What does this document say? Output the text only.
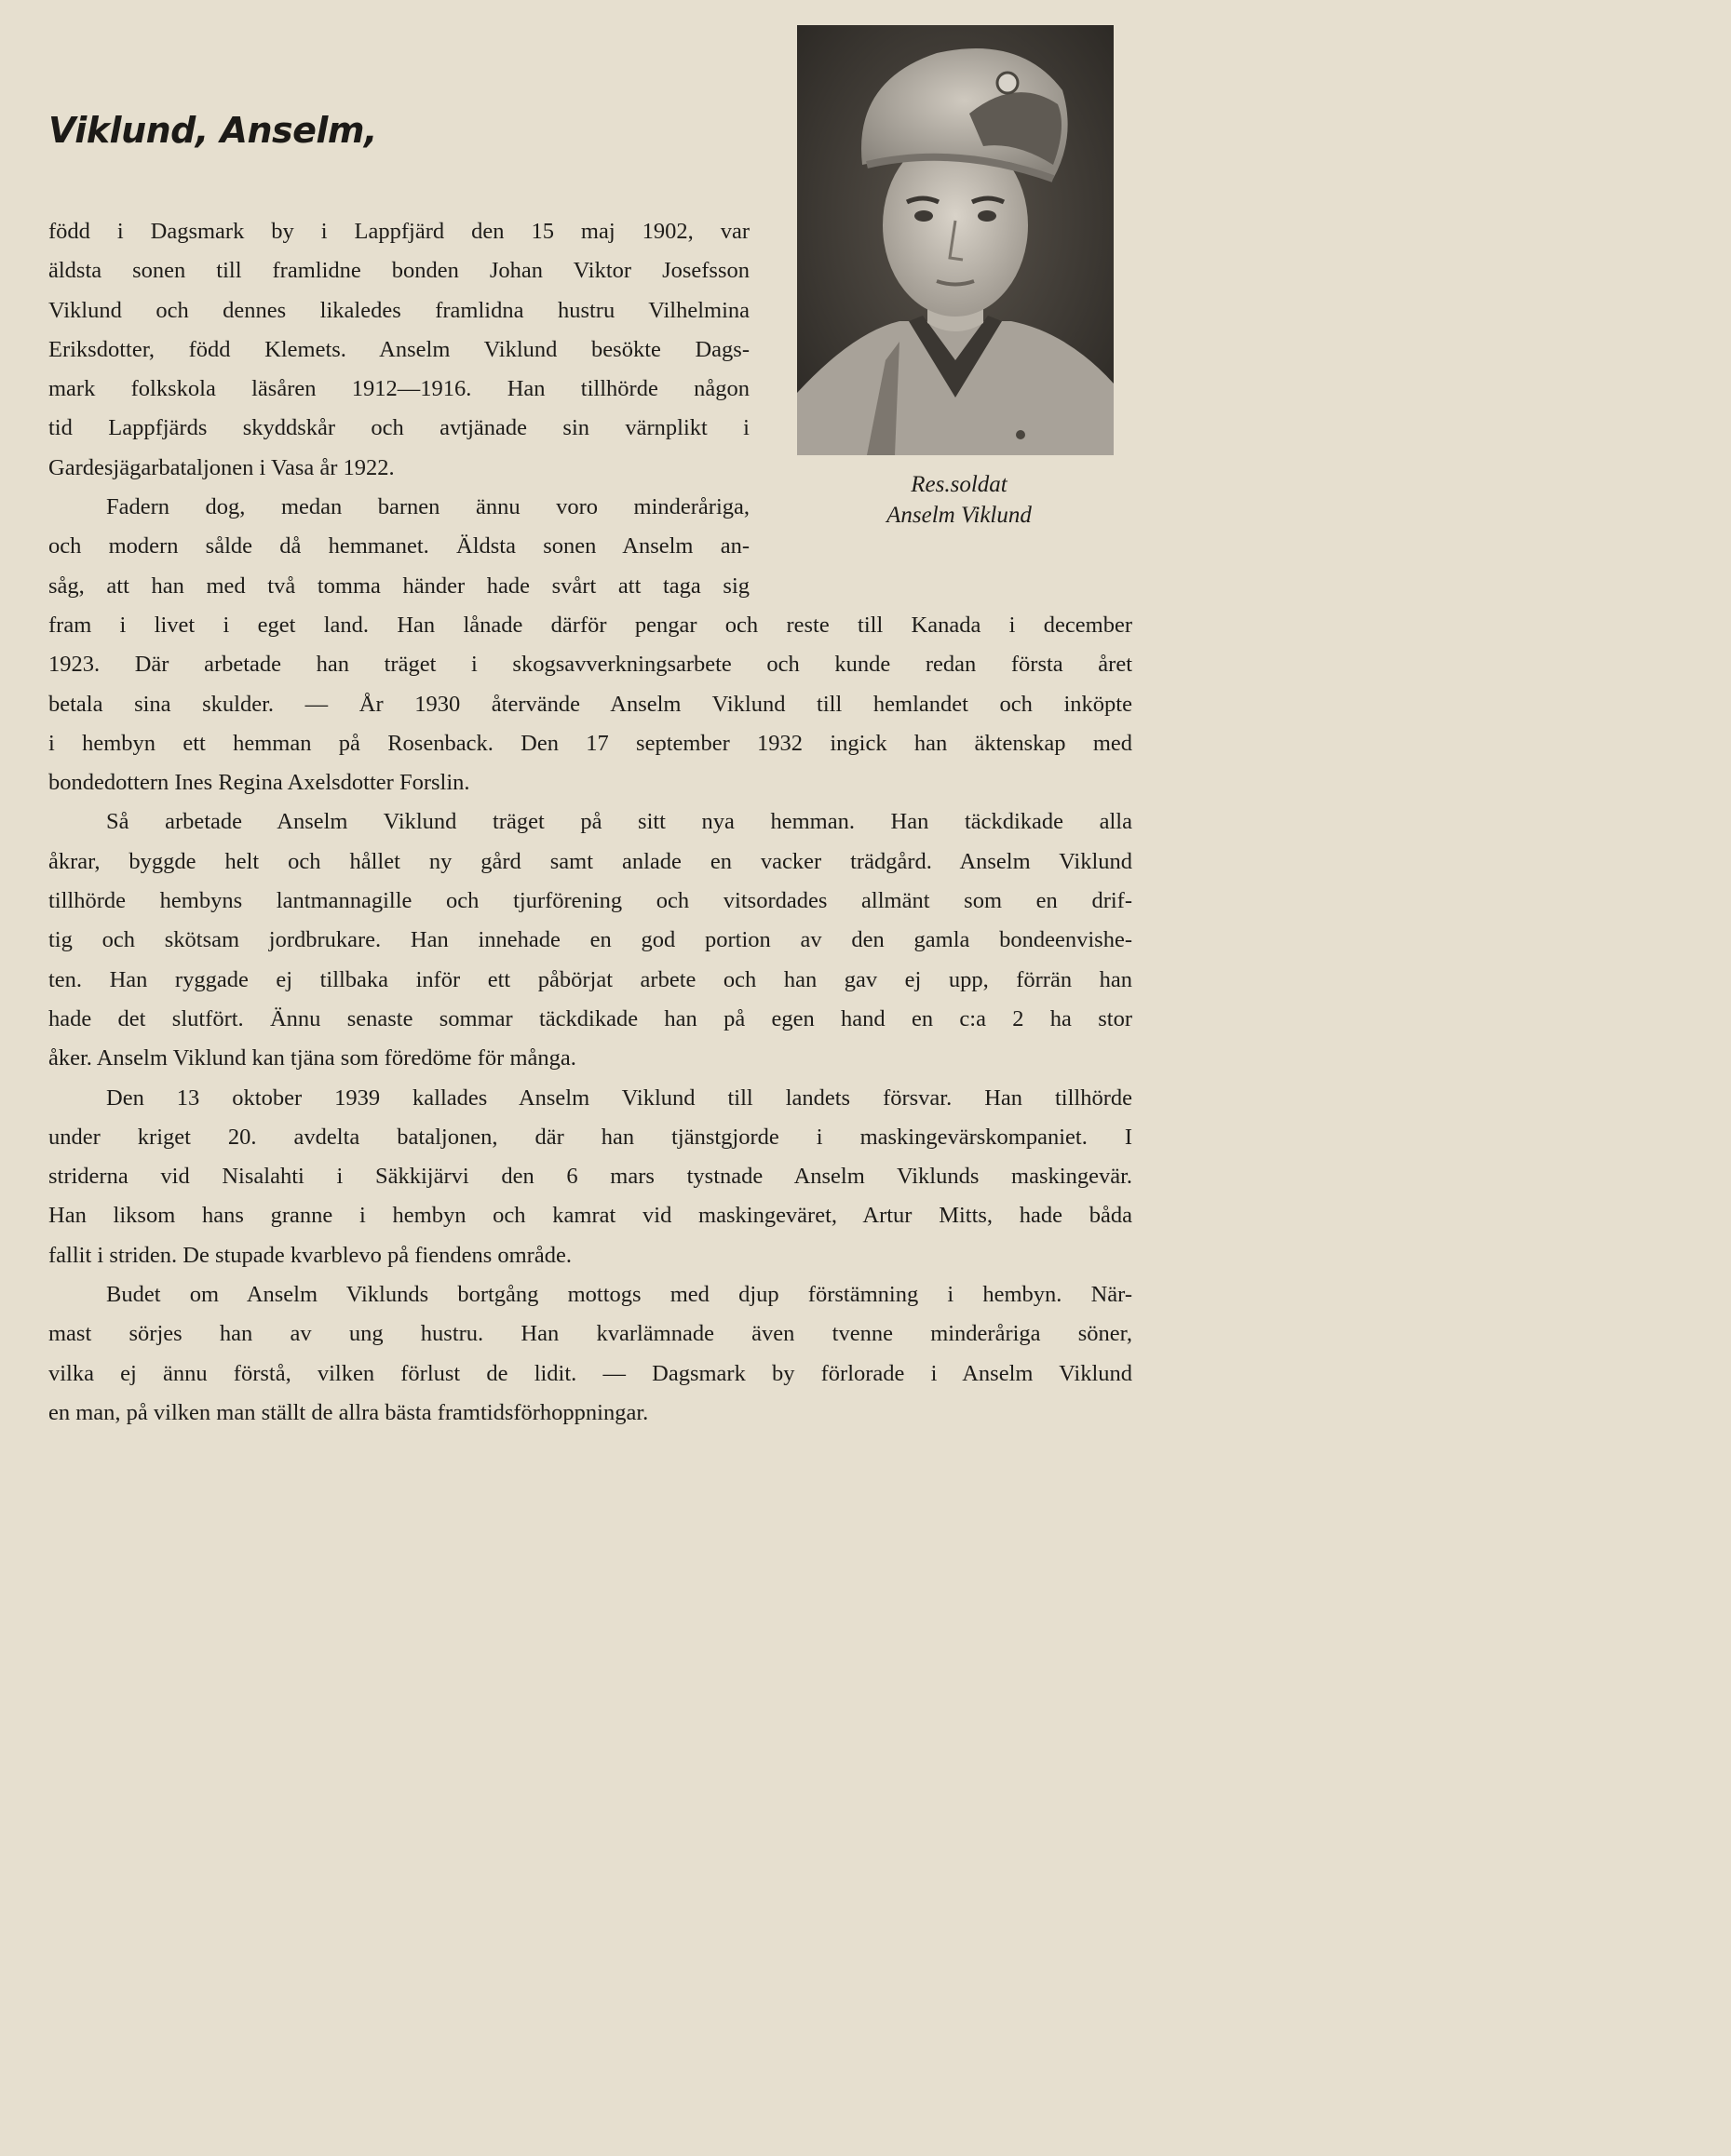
Viklund, Anselm,
Res.soldat
Anselm Viklund
född i Dagsmark by i Lappfjärd den 15 maj 1902, var
äldsta sonen till framlidne bonden Johan Viktor Josefsson
Viklund och dennes likaledes framlidna hustru Vilhelmina
Eriksdotter, född Klemets. Anselm Viklund besökte Dags-
mark folkskola läsåren 1912—1916. Han tillhörde någon
tid Lappfjärds skyddskår och avtjänade sin värnplikt i
Gardesjägarbataljonen i Vasa år 1922.
Fadern dog, medan barnen ännu voro minderåriga,
och modern sålde då hemmanet. Äldsta sonen Anselm an-
såg, att han med två tomma händer hade svårt att taga sig
fram i livet i eget land. Han lånade därför pengar och reste till Kanada i december
1923. Där arbetade han träget i skogsavverkningsarbete och kunde redan första året
betala sina skulder. — År 1930 återvände Anselm Viklund till hemlandet och inköpte
i hembyn ett hemman på Rosenback. Den 17 september 1932 ingick han äktenskap med
bondedottern Ines Regina Axelsdotter Forslin.
Så arbetade Anselm Viklund träget på sitt nya hemman. Han täckdikade alla
åkrar, byggde helt och hållet ny gård samt anlade en vacker trädgård. Anselm Viklund
tillhörde hembyns lantmannagille och tjurförening och vitsordades allmänt som en drif-
tig och skötsam jordbrukare. Han innehade en god portion av den gamla bondeenvishe-
ten. Han ryggade ej tillbaka inför ett påbörjat arbete och han gav ej upp, förrän han
hade det slutfört. Ännu senaste sommar täckdikade han på egen hand en c:a 2 ha stor
åker. Anselm Viklund kan tjäna som föredöme för många.
Den 13 oktober 1939 kallades Anselm Viklund till landets försvar. Han tillhörde
under kriget 20. avdelta bataljonen, där han tjänstgjorde i maskingevärskompaniet. I
striderna vid Nisalahti i Säkkijärvi den 6 mars tystnade Anselm Viklunds maskingevär.
Han liksom hans granne i hembyn och kamrat vid maskingeväret, Artur Mitts, hade båda
fallit i striden. De stupade kvarblevo på fiendens område.
Budet om Anselm Viklunds bortgång mottogs med djup förstämning i hembyn. När-
mast sörjes han av ung hustru. Han kvarlämnade även tvenne minderåriga söner,
vilka ej ännu förstå, vilken förlust de lidit. — Dagsmark by förlorade i Anselm Viklund
en man, på vilken man ställt de allra bästa framtidsförhoppningar.
